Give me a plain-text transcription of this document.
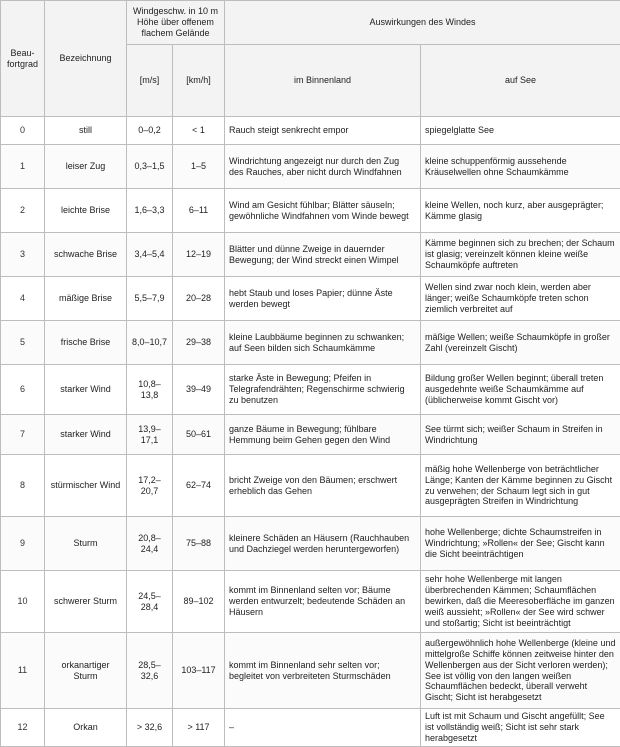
Beau-fortgrad	Bezeichnung	Windgeschw. in 10 m Höhe über offenem flachem Gelände		Auswirkungen des Windes	
		[m/s]	[km/h]	im Binnenland	auf See

0	still	0–0,2	< 1	Rauch steigt senkrecht empor	spiegelglatte See
1	leiser Zug	0,3–1,5	1–5	Windrichtung angezeigt nur durch den Zug des Rauches, aber nicht durch Windfahnen	kleine schuppenförmig aussehende Kräuselwellen ohne Schaumkämme
2	leichte Brise	1,6–3,3	6–11	Wind am Gesicht fühlbar; Blätter säuseln; gewöhnliche Windfahnen vom Winde bewegt	kleine Wellen, noch kurz, aber ausgeprägter; Kämme glasig
3	schwache Brise	3,4–5,4	12–19	Blätter und dünne Zweige in dauernder Bewegung; der Wind streckt einen Wimpel	Kämme beginnen sich zu brechen; der Schaum ist glasig; vereinzelt können kleine weiße Schaumköpfe auftreten
4	mäßige Brise	5,5–7,9	20–28	hebt Staub und loses Papier; dünne Äste werden bewegt	Wellen sind zwar noch klein, werden aber länger; weiße Schaumköpfe treten schon ziemlich verbreitet auf
5	frische Brise	8,0–10,7	29–38	kleine Laubbäume beginnen zu schwanken; auf Seen bilden sich Schaumkämme	mäßige Wellen; weiße Schaumköpfe in großer Zahl (vereinzelt Gischt)
6	starker Wind	10,8–13,8	39–49	starke Äste in Bewegung; Pfeifen in Telegrafendrähten; Regenschirme schwierig zu benutzen	Bildung großer Wellen beginnt; überall treten ausgedehnte weiße Schaumkämme auf (üblicherweise kommt Gischt vor)
7	starker Wind	13,9–17,1	50–61	ganze Bäume in Bewegung; fühlbare Hemmung beim Gehen gegen den Wind	See türmt sich; weißer Schaum in Streifen in Windrichtung
8	stürmischer Wind	17,2–20,7	62–74	bricht Zweige von den Bäumen; erschwert erheblich das Gehen	mäßig hohe Wellenberge von beträchtlicher Länge; Kanten der Kämme beginnen zu Gischt zu verwehen; der Schaum legt sich in gut ausgeprägten Streifen in Windrichtung
9	Sturm	20,8–24,4	75–88	kleinere Schäden an Häusern (Rauchhauben und Dachziegel werden heruntergeworfen)	hohe Wellenberge; dichte Schaumstreifen in Windrichtung; »Rollen« der See; Gischt kann die Sicht beeinträchtigen
10	schwerer Sturm	24,5–28,4	89–102	kommt im Binnenland selten vor; Bäume werden entwurzelt; bedeutende Schäden an Häusern	sehr hohe Wellenberge mit langen überbrechenden Kämmen; Schaumflächen bewirken, daß die Meeresoberfläche im ganzen weiß aussieht; »Rollen« der See wird schwer und stoßartig; Sicht ist beeinträchtigt
11	orkanartiger Sturm	28,5–32,6	103–117	kommt im Binnenland sehr selten vor; begleitet von verbreiteten Sturmschäden	außergewöhnlich hohe Wellenberge (kleine und mittelgroße Schiffe können zeitweise hinter den Wellenbergen aus der Sicht verloren werden); See ist völlig von den langen weißen Schaumflächen bedeckt, überall verweht Gischt; Sicht ist herabgesetzt
12	Orkan	> 32,6	> 117	–	Luft ist mit Schaum und Gischt angefüllt; See ist vollständig weiß; Sicht ist sehr stark herabgesetzt
